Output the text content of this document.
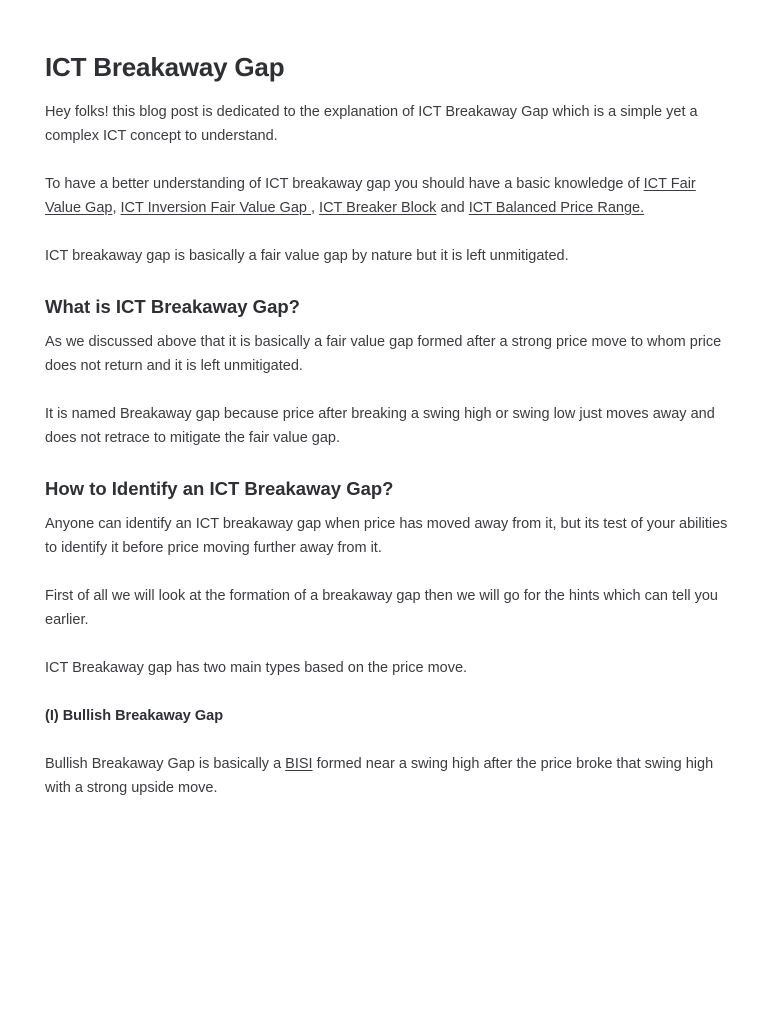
ICT Breakaway Gap

Hey folks! this blog post is dedicated to the explanation of ICT Breakaway Gap which is a simple yet a complex ICT concept to understand.

To have a better understanding of ICT breakaway gap you should have a basic knowledge of ICT Fair Value Gap, ICT Inversion Fair Value Gap , ICT Breaker Block and ICT Balanced Price Range.

ICT breakaway gap is basically a fair value gap by nature but it is left unmitigated.

What is ICT Breakaway Gap?

As we discussed above that it is basically a fair value gap formed after a strong price move to whom price does not return and it is left unmitigated.

It is named Breakaway gap because price after breaking a swing high or swing low just moves away and does not retrace to mitigate the fair value gap.

How to Identify an ICT Breakaway Gap?

Anyone can identify an ICT breakaway gap when price has moved away from it, but its test of your abilities to identify it before price moving further away from it.

First of all we will look at the formation of a breakaway gap then we will go for the hints which can tell you earlier.

ICT Breakaway gap has two main types based on the price move.

(I) Bullish Breakaway Gap

Bullish Breakaway Gap is basically a BISI formed near a swing high after the price broke that swing high with a strong upside move.
